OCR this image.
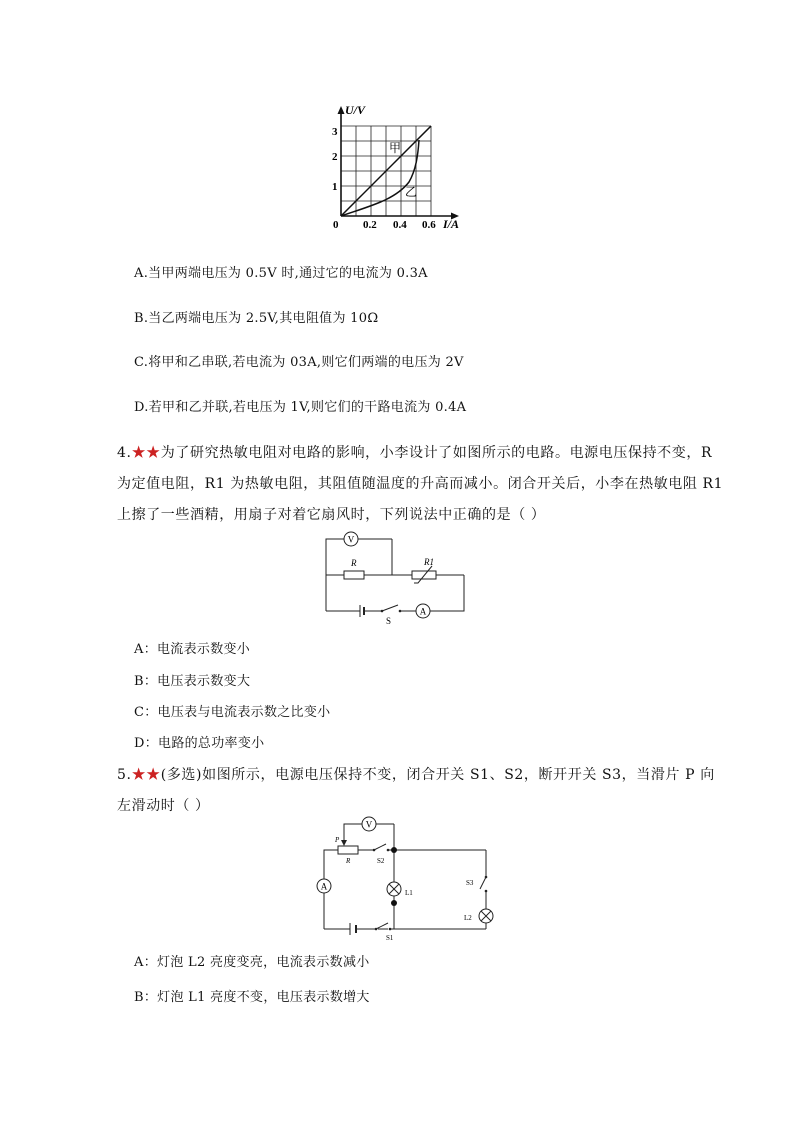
U/V
I/A
0
1
2
3
0.2 0.4 0.6
甲
乙
A.当甲两端电压为 0.5V 时,通过它的电流为 0.3A
B.当乙两端电压为 2.5V,其电阻值为 10Ω
C.将甲和乙串联,若电流为 03A,则它们两端的电压为 2V
D.若甲和乙并联,若电压为 1V,则它们的干路电流为 0.4A
4.★★为了研究热敏电阻对电路的影响，小李设计了如图所示的电路。电源电压保持不变，R
为定值电阻，R1 为热敏电阻，其阻值随温度的升高而减小。闭合开关后，小李在热敏电阻 R1
上擦了一些酒精，用扇子对着它扇风时，下列说法中正确的是（ ）
V
R	R1
S
A
A：电流表示数变小
B：电压表示数变大
C：电压表与电流表示数之比变小
D：电路的总功率变小
5.★★(多选)如图所示，电源电压保持不变，闭合开关 S1、S2，断开开关 S3，当滑片 P 向
左滑动时（ ）
P
R
V
S2
A
L1
S1
S3
L2
A：灯泡 L2 亮度变亮，电流表示数减小
B：灯泡 L1 亮度不变，电压表示数增大
